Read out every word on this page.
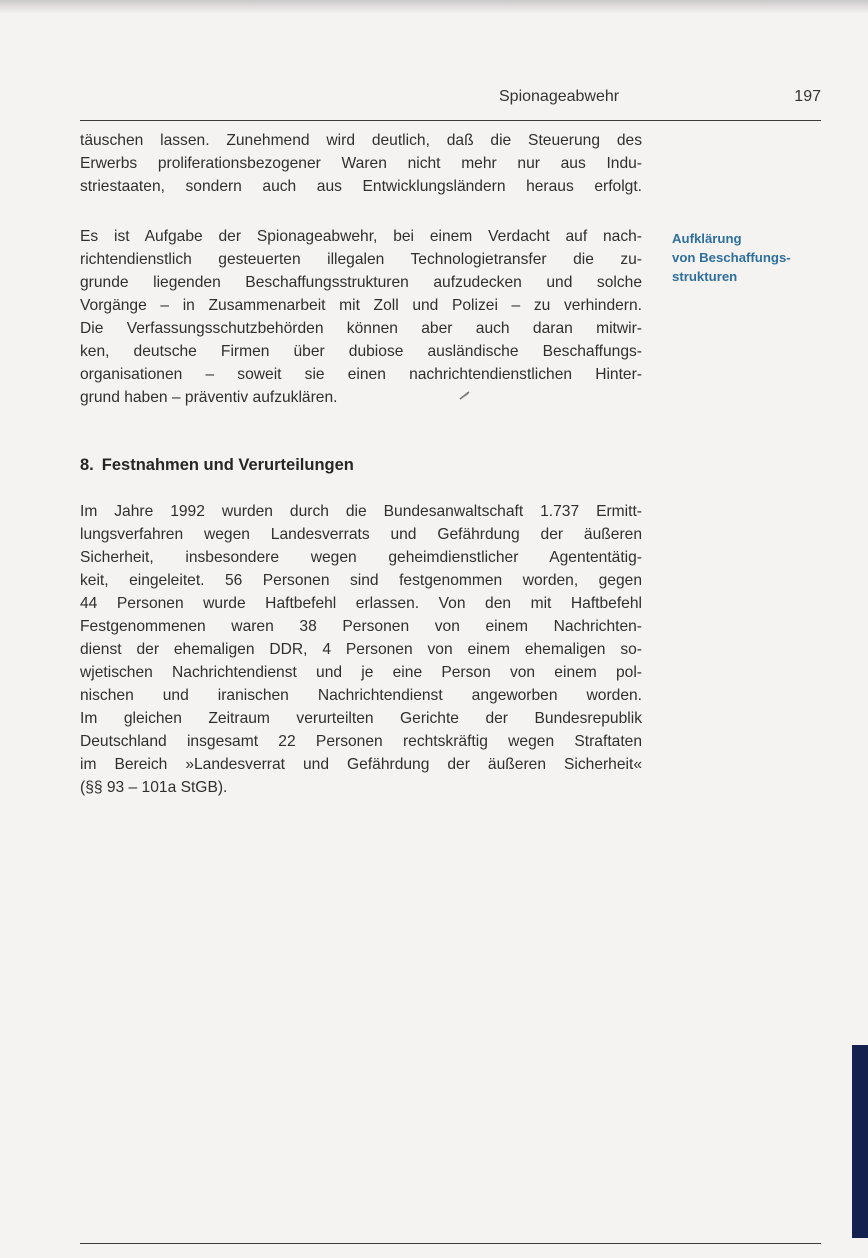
Spionageabwehr	197
täuschen lassen. Zunehmend wird deutlich, daß die Steuerung des
Erwerbs proliferationsbezogener Waren nicht mehr nur aus Indu-
striestaaten, sondern auch aus Entwicklungsländern heraus erfolgt.
Es ist Aufgabe der Spionageabwehr, bei einem Verdacht auf nach-
richtendienstlich gesteuerten illegalen Technologietransfer die zu-
grunde liegenden Beschaffungsstrukturen aufzudecken und solche
Vorgänge – in Zusammenarbeit mit Zoll und Polizei – zu verhindern.
Die Verfassungsschutzbehörden können aber auch daran mitwir-
ken, deutsche Firmen über dubiose ausländische Beschaffungs-
organisationen – soweit sie einen nachrichtendienstlichen Hinter-
grund haben – präventiv aufzuklären.
Aufklärung
von Beschaffungs-
strukturen
8. Festnahmen und Verurteilungen
Im Jahre 1992 wurden durch die Bundesanwaltschaft 1.737 Ermitt-
lungsverfahren wegen Landesverrats und Gefährdung der äußeren
Sicherheit, insbesondere wegen geheimdienstlicher Agententätig-
keit, eingeleitet. 56 Personen sind festgenommen worden, gegen
44 Personen wurde Haftbefehl erlassen. Von den mit Haftbefehl
Festgenommenen waren 38 Personen von einem Nachrichten-
dienst der ehemaligen DDR, 4 Personen von einem ehemaligen so-
wjetischen Nachrichtendienst und je eine Person von einem pol-
nischen und iranischen Nachrichtendienst angeworben worden.
Im gleichen Zeitraum verurteilten Gerichte der Bundesrepublik
Deutschland insgesamt 22 Personen rechtskräftig wegen Straftaten
im Bereich »Landesverrat und Gefährdung der äußeren Sicherheit«
(§§ 93 – 101a StGB).
